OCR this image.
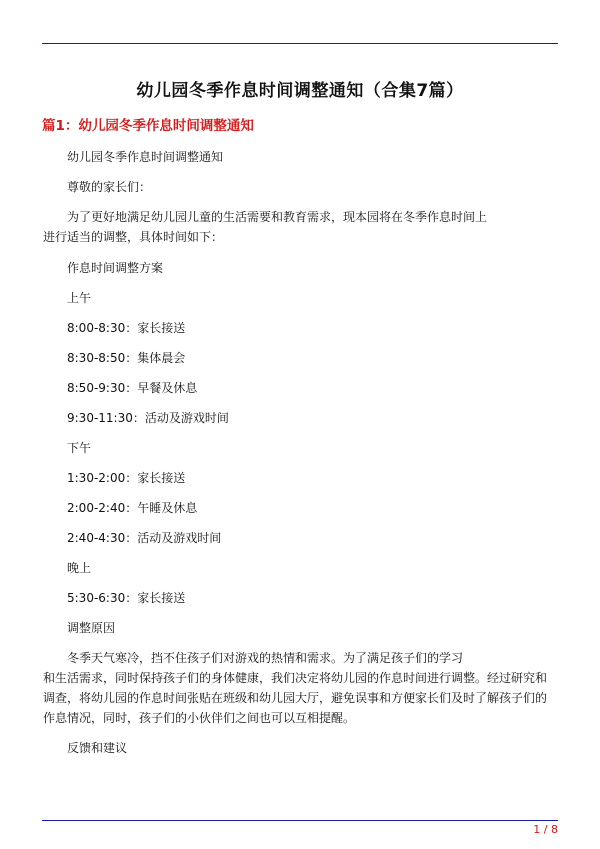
幼儿园冬季作息时间调整通知（合集7篇）
篇1：幼儿园冬季作息时间调整通知

幼儿园冬季作息时间调整通知

尊敬的家长们：

为了更好地满足幼儿园儿童的生活需要和教育需求，现本园将在冬季作息时间上进行适当的调整，具体时间如下：

作息时间调整方案

上午

8:00-8:30：家长接送

8:30-8:50：集体晨会

8:50-9:30：早餐及休息

9:30-11:30：活动及游戏时间

下午

1:30-2:00：家长接送

2:00-2:40：午睡及休息

2:40-4:30：活动及游戏时间

晚上

5:30-6:30：家长接送

调整原因

冬季天气寒冷，挡不住孩子们对游戏的热情和需求。为了满足孩子们的学习

和生活需求，同时保持孩子们的身体健康，我们决定将幼儿园的作息时间进行调整。经过研究和

调查，将幼儿园的作息时间张贴在班级和幼儿园大厅，避免误事和方便家长们及时了解孩子们的

作息情况，同时，孩子们的小伙伴们之间也可以互相提醒。

反馈和建议

1 / 8
